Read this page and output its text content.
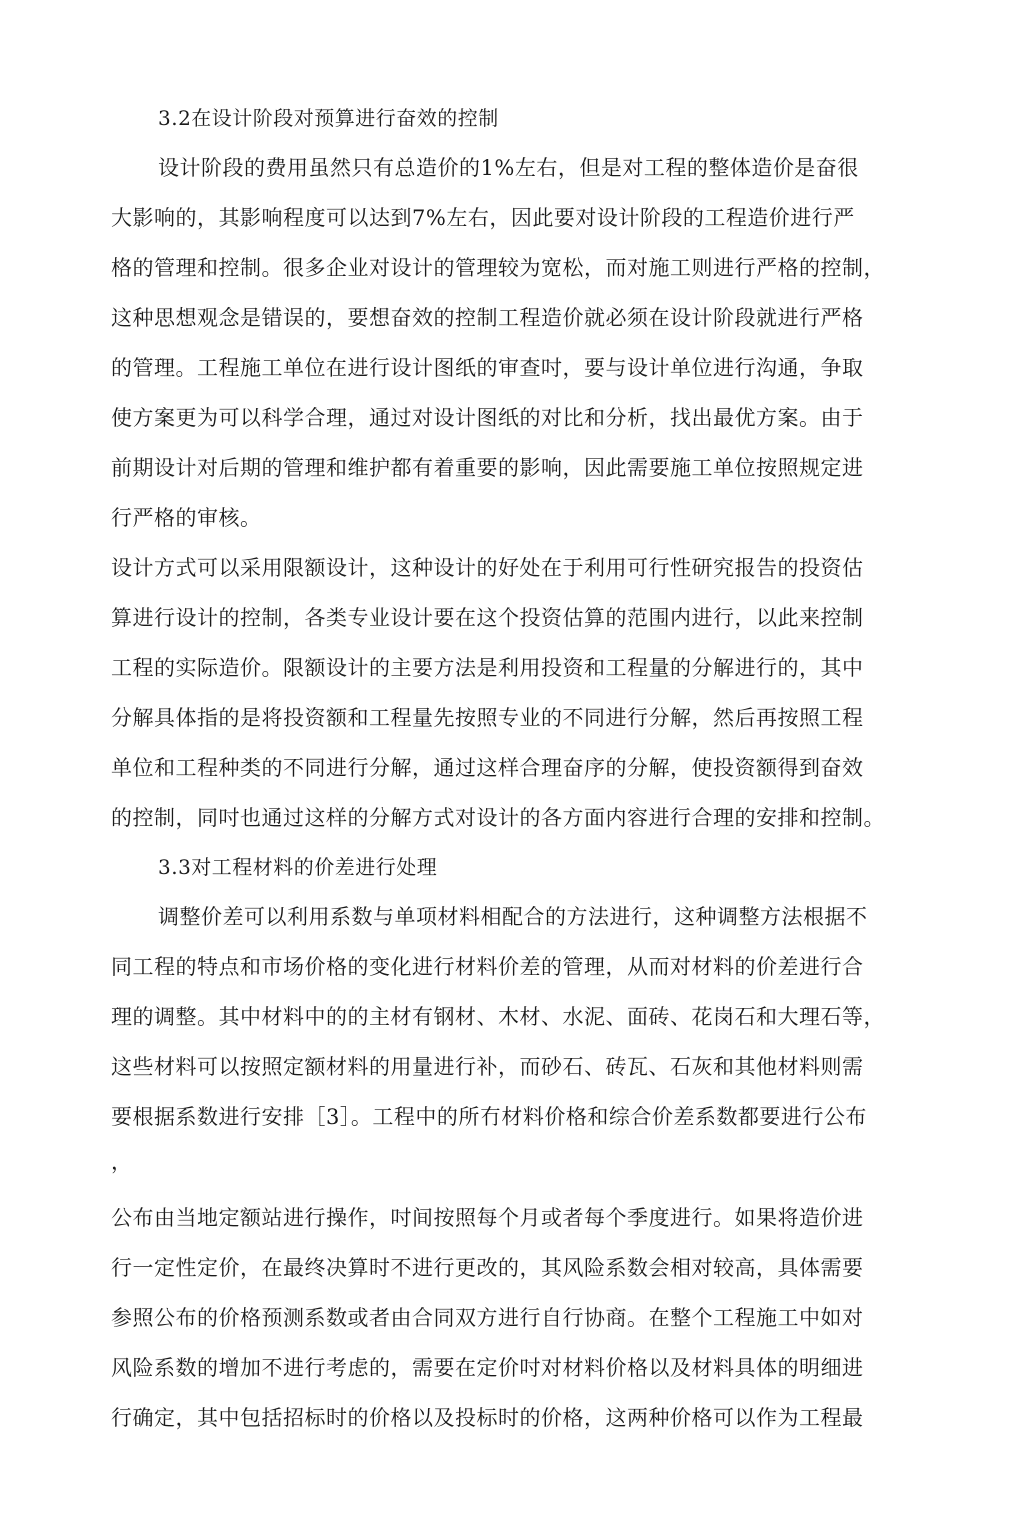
3.2在设计阶段对预算进行奋效的控制
设计阶段的费用虽然只有总造价的1%左右，但是对工程的整体造价是奋很
大影响的，其影响程度可以达到7%左右，因此要对设计阶段的工程造价进行严
格的管理和控制。很多企业对设计的管理较为宽松，而对施工则进行严格的控制，
这种思想观念是错误的，要想奋效的控制工程造价就必须在设计阶段就进行严格
的管理。工程施工单位在进行设计图纸的审查吋，要与设计单位进行沟通，争取
使方案更为可以科学合理，通过对设计图纸的对比和分析，找出最优方案。由于
前期设计对后期的管理和维护都有着重要的影响，因此需要施工单位按照规定进
行严格的审核。
设计方式可以采用限额设计，这种设计的好处在于利用可行性研究报告的投资估
算进行设计的控制，各类专业设计要在这个投资估算的范围内进行，以此来控制
工程的实际造价。限额设计的主要方法是利用投资和工程量的分解进行的，其中
分解具体指的是将投资额和工程量先按照专业的不同进行分解，然后再按照工程
单位和工程种类的不同进行分解，通过这样合理奋序的分解，使投资额得到奋效
的控制，同吋也通过这样的分解方式对设计的各方面内容进行合理的安排和控制。
3.3对工程材料的价差进行处理
调整价差可以利用系数与单项材料相配合的方法进行，这种调整方法根据不
同工程的特点和市场价格的变化进行材料价差的管理，从而对材料的价差进行合
理的调整。其中材料中的的主材有钢材、木材、水泥、面砖、花岗石和大理石等，
这些材料可以按照定额材料的用量进行补，而砂石、砖瓦、石灰和其他材料则需
要根据系数进行安排［3］。工程中的所冇材料价格和综合价差系数都要进行公布
，
公布由当地定额站进行操作，吋间按照每个月或者每个季度进行。如果将造价进
行一定性定价，在最终决算时不进行更改的，其风险系数会相对较高，具体需要
参照公布的价格预测系数或者由合同双方进行自行协商。在整个工程施工中如对
风险系数的增加不进行考虑的，需要在定价吋对材料价格以及材料具体的明细进
行确定，其中包括招标时的价格以及投标时的价格，这两种价格可以作为工程最
